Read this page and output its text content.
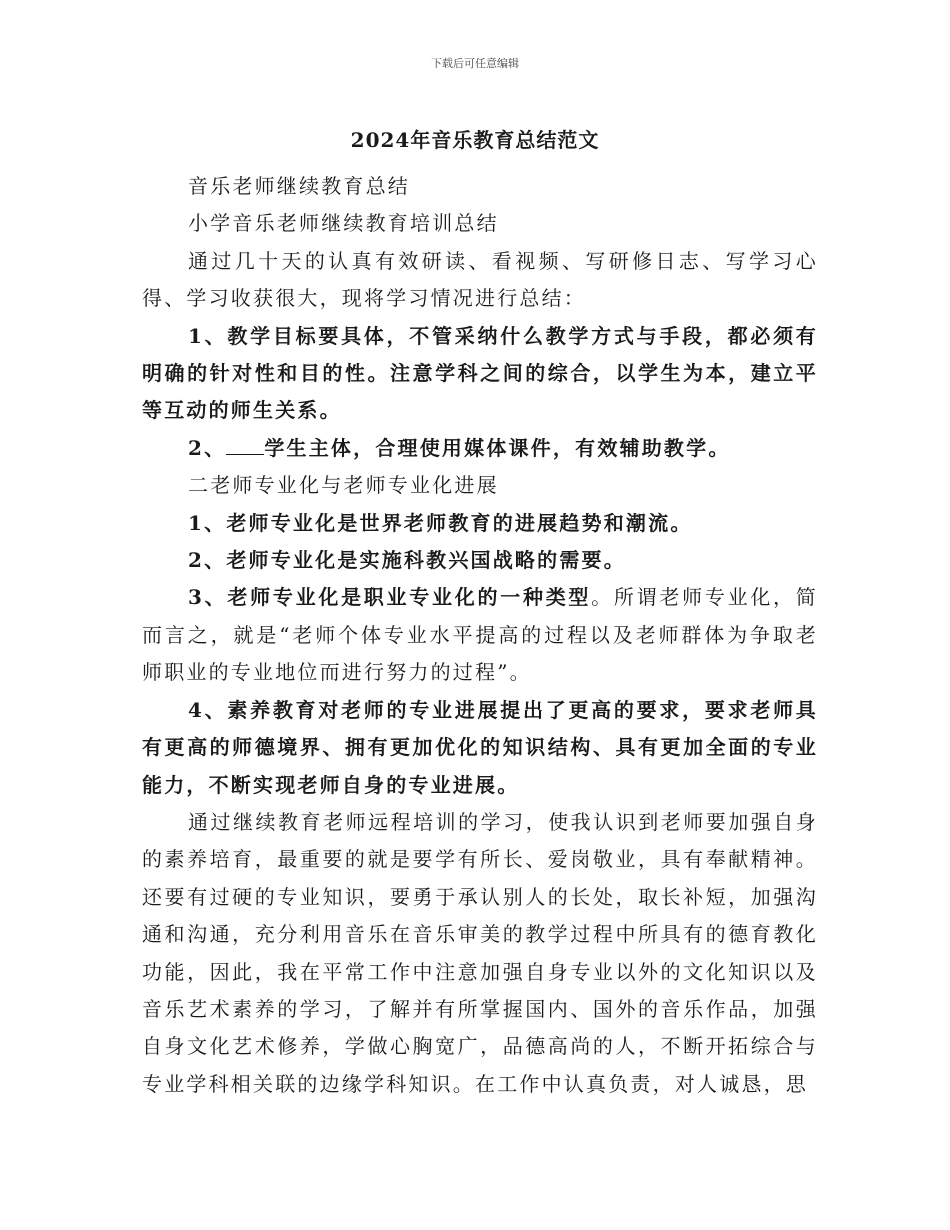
下载后可任意编辑
2024年音乐教育总结范文

音乐老师继续教育总结

小学音乐老师继续教育培训总结

通过几十天的认真有效研读、看视频、写研修日志、写学习心得、学习收获很大，现将学习情况进行总结：

1、教学目标要具体，不管采纳什么教学方式与手段，都必须有明确的针对性和目的性。注意学科之间的综合，以学生为本，建立平等互动的师生关系。

2、 学生主体，合理使用媒体课件，有效辅助教学。

二老师专业化与老师专业化进展

1、老师专业化是世界老师教育的进展趋势和潮流。

2、老师专业化是实施科教兴国战略的需要。

3、老师专业化是职业专业化的一种类型。所谓老师专业化，简而言之，就是“老师个体专业水平提高的过程以及老师群体为争取老师职业的专业地位而进行努力的过程”。

4、素养教育对老师的专业进展提出了更高的要求，要求老师具有更高的师德境界、拥有更加优化的知识结构、具有更加全面的专业能力，不断实现老师自身的专业进展。

通过继续教育老师远程培训的学习，使我认识到老师要加强自身的素养培育，最重要的就是要学有所长、爱岗敬业，具有奉献精神。还要有过硬的专业知识，要勇于承认别人的长处，取长补短，加强沟通和沟通，充分利用音乐在音乐审美的教学过程中所具有的德育教化功能，因此，我在平常工作中注意加强自身专业以外的文化知识以及音乐艺术素养的学习，了解并有所掌握国内、国外的音乐作品，加强自身文化艺术修养，学做心胸宽广，品德高尚的人，不断开拓综合与专业学科相关联的边缘学科知识。在工作中认真负责，对人诚恳，思
